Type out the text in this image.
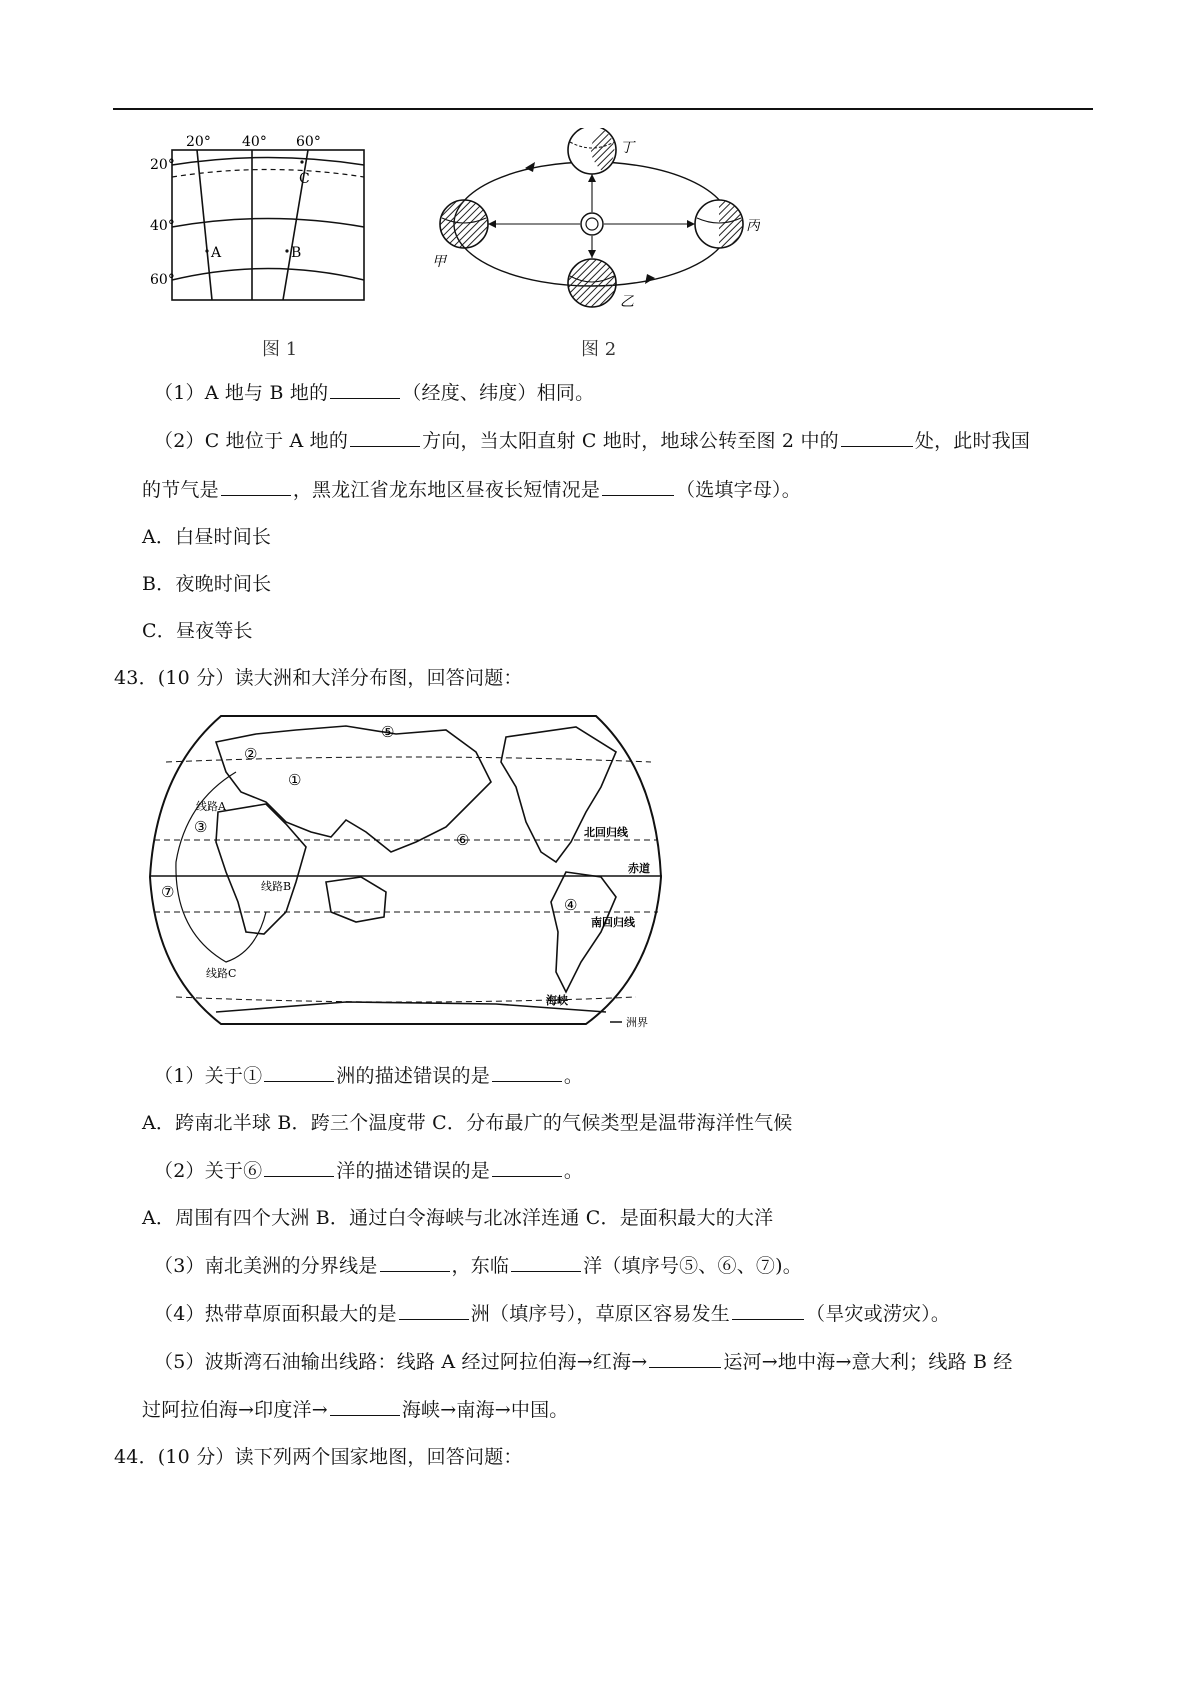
20° 40° 60°
20°
40°
60°
A	B
C
图 1
甲
乙
丙
丁
图 2
（1）A 地与 B 地的	（经度、纬度）相同。
（2）C 地位于 A 地的	方向，当太阳直射 C 地时，地球公转至图 2 中的	处，此时我国
的节气是	，黑龙江省龙东地区昼夜长短情况是	（选填字母）。
A．白昼时间长
B．夜晚时间长
C．昼夜等长
43．(10 分）读大洲和大洋分布图，回答问题：
①
②
③
④
⑤
⑥
⑦
线路A
线路B
线路C
北回归线
赤道
南回归线
海峡
洲界
（1）关于①	洲的描述错误的是	。
A．跨南北半球 B．跨三个温度带 C．分布最广的气候类型是温带海洋性气候
（2）关于⑥	洋的描述错误的是	。
A．周围有四个大洲 B．通过白令海峡与北冰洋连通 C．是面积最大的大洋
（3）南北美洲的分界线是	，东临	洋（填序号⑤、⑥、⑦)。
（4）热带草原面积最大的是	洲（填序号），草原区容易发生	（旱灾或涝灾）。
（5）波斯湾石油输出线路：线路 A 经过阿拉伯海→红海→	运河→地中海→意大利；线路 B 经
过阿拉伯海→印度洋→	海峡→南海→中国。
44．(10 分）读下列两个国家地图，回答问题：
